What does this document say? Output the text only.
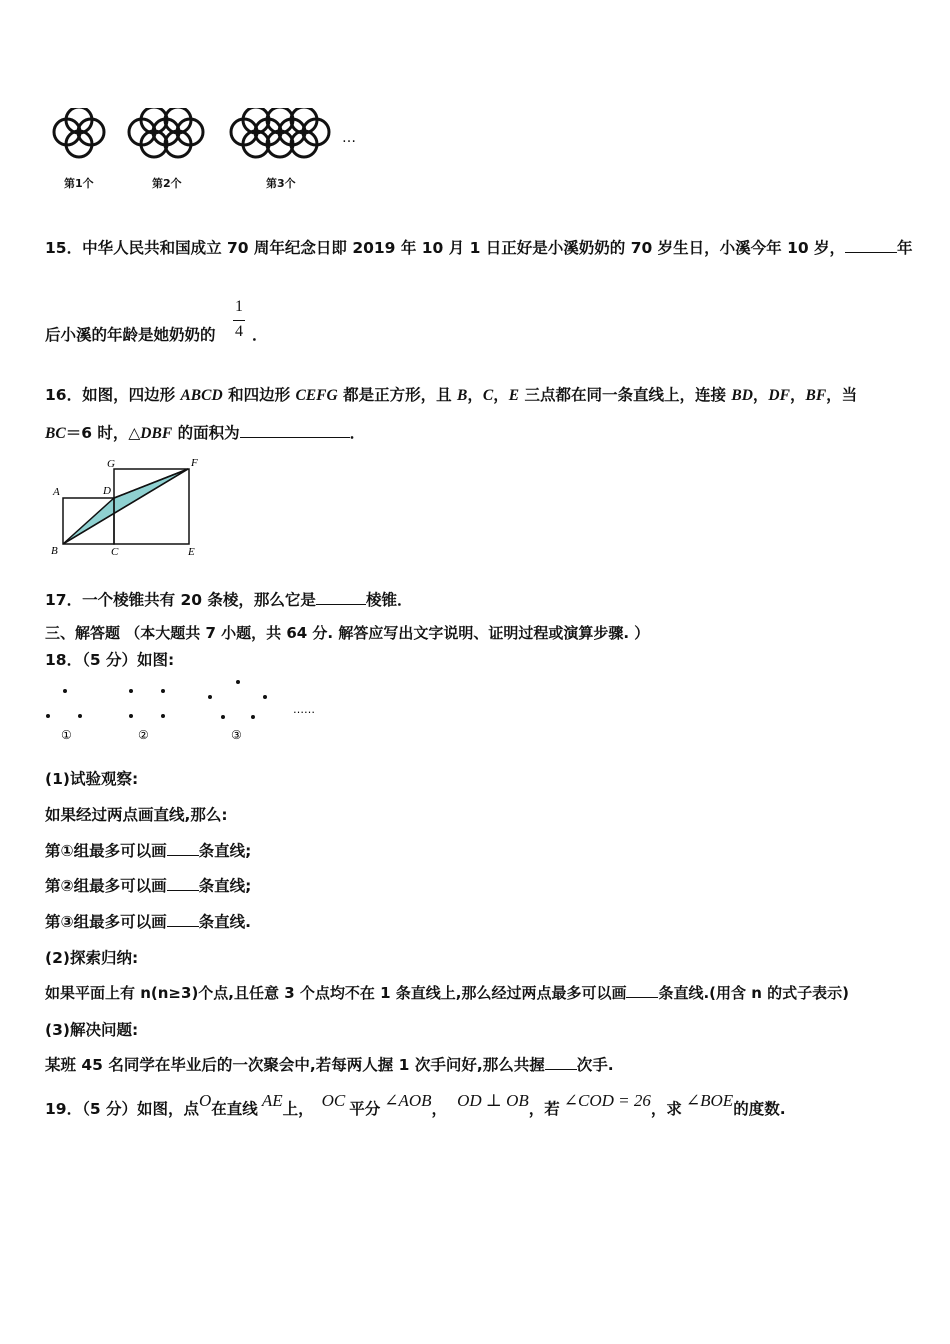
…
第1个	第2个	第3个
15．中华人民共和国成立 70 周年纪念日即 2019 年 10 月 1 日正好是小溪奶奶的 70 岁生日，小溪今年 10 岁，	年
后小溪的年龄是她奶奶的
1
4 ．
16．如图，四边形 ABCD 和四边形 CEFG 都是正方形，且 B，C，E 三点都在同一条直线上，连接 BD，DF，BF，当
BC＝6 时，△DBF 的面积为	．
G	F
A	D
B	C	E
17．一个棱锥共有 20 条棱，那么它是	棱锥．
三、解答题 （本大题共 7 小题，共 64 分. 解答应写出文字说明、证明过程或演算步骤. ）
18．（5 分）如图:
①	②	③
……
(1)试验观察:
如果经过两点画直线,那么:
第①组最多可以画 条直线;
第②组最多可以画 条直线;
第③组最多可以画 条直线.
(2)探索归纳:
如果平面上有 n(n≥3)个点,且任意 3 个点均不在 1 条直线上,那么经过两点最多可以画 条直线.(用含 n 的式子表示)
(3)解决问题:
某班 45 名同学在毕业后的一次聚会中,若每两人握 1 次手问好,那么共握 次手.
19．（5 分）如图，点O在直线 AE上， OC 平分 ∠AOB， OD ⊥ OB，若 ∠COD = 26，求 ∠BOE的度数.
